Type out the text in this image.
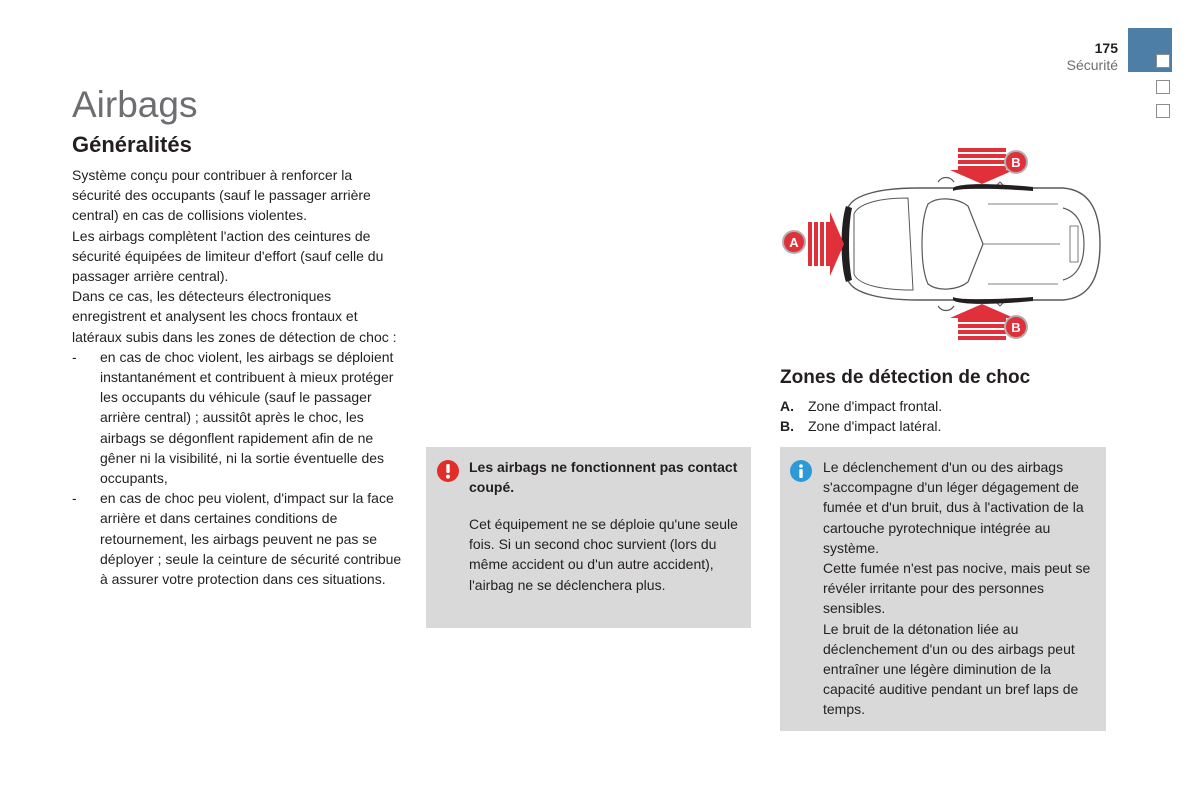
175
Sécurité
Airbags
Généralités

Système conçu pour contribuer à renforcer la sécurité des occupants (sauf le passager arrière central) en cas de collisions violentes.

Les airbags complètent l'action des ceintures de sécurité équipées de limiteur d'effort (sauf celle du passager arrière central).

Dans ce cas, les détecteurs électroniques enregistrent et analysent les chocs frontaux et latéraux subis dans les zones de détection de choc :

- en cas de choc violent, les airbags se déploient instantanément et contribuent à mieux protéger les occupants du véhicule (sauf le passager arrière central) ; aussitôt après le choc, les airbags se dégonflent rapidement afin de ne gêner ni la visibilité, ni la sortie éventuelle des occupants,

- en cas de choc peu violent, d'impact sur la face arrière et dans certaines conditions de retournement, les airbags peuvent ne pas se déployer ; seule la ceinture de sécurité contribue à assurer votre protection dans ces situations.

Les airbags ne fonctionnent pas contact coupé.
Cet équipement ne se déploie qu'une seule fois. Si un second choc survient (lors du même accident ou d'un autre accident), l'airbag ne se déclenchera plus.
A
B
B
Zones de détection de choc
A. Zone d'impact frontal.
B. Zone d'impact latéral.
Le déclenchement d'un ou des airbags s'accompagne d'un léger dégagement de fumée et d'un bruit, dus à l'activation de la cartouche pyrotechnique intégrée au système.
Cette fumée n'est pas nocive, mais peut se révéler irritante pour des personnes sensibles.
Le bruit de la détonation liée au déclenchement d'un ou des airbags peut entraîner une légère diminution de la capacité auditive pendant un bref laps de temps.
